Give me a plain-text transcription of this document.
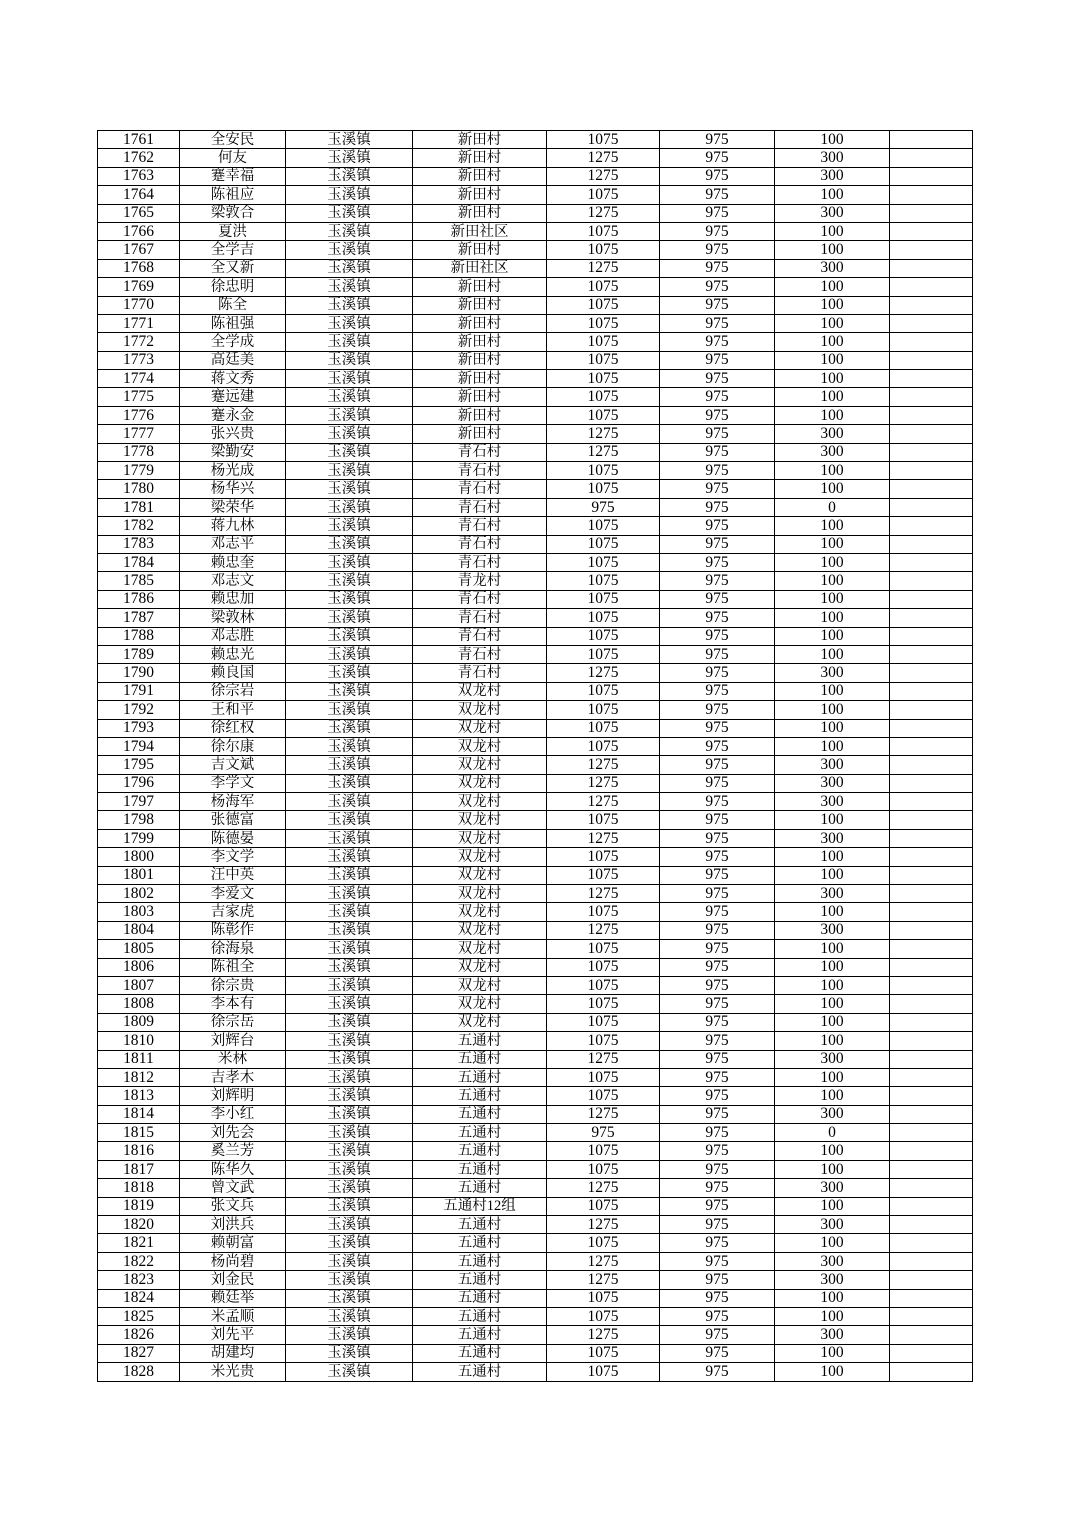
1761	全安民	玉溪镇	新田村	1075	975	100	
1762	何友	玉溪镇	新田村	1275	975	300	
1763	蹇幸福	玉溪镇	新田村	1275	975	300	
1764	陈祖应	玉溪镇	新田村	1075	975	100	
1765	梁敦合	玉溪镇	新田村	1275	975	300	
1766	夏洪	玉溪镇	新田社区	1075	975	100	
1767	全学吉	玉溪镇	新田村	1075	975	100	
1768	全又新	玉溪镇	新田社区	1275	975	300	
1769	徐忠明	玉溪镇	新田村	1075	975	100	
1770	陈全	玉溪镇	新田村	1075	975	100	
1771	陈祖强	玉溪镇	新田村	1075	975	100	
1772	全学成	玉溪镇	新田村	1075	975	100	
1773	高廷美	玉溪镇	新田村	1075	975	100	
1774	蒋文秀	玉溪镇	新田村	1075	975	100	
1775	蹇远建	玉溪镇	新田村	1075	975	100	
1776	蹇永金	玉溪镇	新田村	1075	975	100	
1777	张兴贵	玉溪镇	新田村	1275	975	300	
1778	梁勤安	玉溪镇	青石村	1275	975	300	
1779	杨光成	玉溪镇	青石村	1075	975	100	
1780	杨华兴	玉溪镇	青石村	1075	975	100	
1781	梁荣华	玉溪镇	青石村	975	975	0	
1782	蒋九林	玉溪镇	青石村	1075	975	100	
1783	邓志平	玉溪镇	青石村	1075	975	100	
1784	赖忠奎	玉溪镇	青石村	1075	975	100	
1785	邓志文	玉溪镇	青龙村	1075	975	100	
1786	赖忠加	玉溪镇	青石村	1075	975	100	
1787	梁敦林	玉溪镇	青石村	1075	975	100	
1788	邓志胜	玉溪镇	青石村	1075	975	100	
1789	赖忠光	玉溪镇	青石村	1075	975	100	
1790	赖良国	玉溪镇	青石村	1275	975	300	
1791	徐宗岩	玉溪镇	双龙村	1075	975	100	
1792	王和平	玉溪镇	双龙村	1075	975	100	
1793	徐红权	玉溪镇	双龙村	1075	975	100	
1794	徐尔康	玉溪镇	双龙村	1075	975	100	
1795	吉文斌	玉溪镇	双龙村	1275	975	300	
1796	李学文	玉溪镇	双龙村	1275	975	300	
1797	杨海军	玉溪镇	双龙村	1275	975	300	
1798	张德富	玉溪镇	双龙村	1075	975	100	
1799	陈德晏	玉溪镇	双龙村	1275	975	300	
1800	李文学	玉溪镇	双龙村	1075	975	100	
1801	汪中英	玉溪镇	双龙村	1075	975	100	
1802	李爱文	玉溪镇	双龙村	1275	975	300	
1803	吉家虎	玉溪镇	双龙村	1075	975	100	
1804	陈彰作	玉溪镇	双龙村	1275	975	300	
1805	徐海泉	玉溪镇	双龙村	1075	975	100	
1806	陈祖全	玉溪镇	双龙村	1075	975	100	
1807	徐宗贵	玉溪镇	双龙村	1075	975	100	
1808	李本有	玉溪镇	双龙村	1075	975	100	
1809	徐宗岳	玉溪镇	双龙村	1075	975	100	
1810	刘辉台	玉溪镇	五通村	1075	975	100	
1811	米林	玉溪镇	五通村	1275	975	300	
1812	吉孝木	玉溪镇	五通村	1075	975	100	
1813	刘辉明	玉溪镇	五通村	1075	975	100	
1814	李小红	玉溪镇	五通村	1275	975	300	
1815	刘先会	玉溪镇	五通村	975	975	0	
1816	奚兰芳	玉溪镇	五通村	1075	975	100	
1817	陈华久	玉溪镇	五通村	1075	975	100	
1818	曾文武	玉溪镇	五通村	1275	975	300	
1819	张文兵	玉溪镇	五通村12组	1075	975	100	
1820	刘洪兵	玉溪镇	五通村	1275	975	300	
1821	赖朝富	玉溪镇	五通村	1075	975	100	
1822	杨尚碧	玉溪镇	五通村	1275	975	300	
1823	刘金民	玉溪镇	五通村	1275	975	300	
1824	赖廷举	玉溪镇	五通村	1075	975	100	
1825	米孟顺	玉溪镇	五通村	1075	975	100	
1826	刘先平	玉溪镇	五通村	1275	975	300	
1827	胡建均	玉溪镇	五通村	1075	975	100	
1828	米光贵	玉溪镇	五通村	1075	975	100	
